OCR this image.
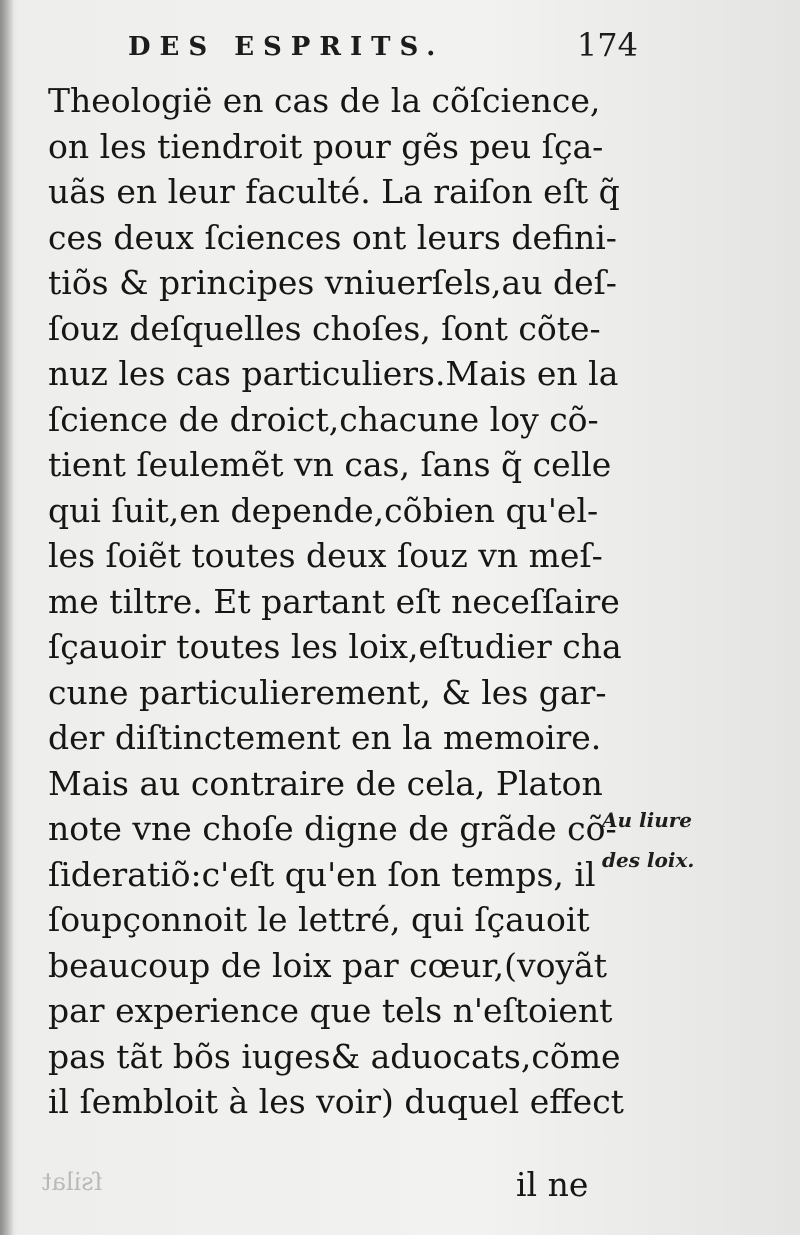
DES ESPRITS.	174
Theologië en cas de la cõſcience,
on les tiendroit pour gẽs peu ſça-
uãs en leur faculté. La raiſon eſt q̃
ces deux ſciences ont leurs defini-
tiõs & principes vniuerſels,au deſ-
ſouz deſquelles choſes, ſont cõte-
nuz les cas particuliers.Mais en la
ſcience de droict,chacune loy cõ-
tient ſeulemẽt vn cas, ſans q̃ celle
qui ſuit,en depende,cõbien qu'el-
les ſoiẽt toutes deux ſouz vn meſ-
me tiltre. Et partant eſt neceſſaire
ſçauoir toutes les loix,eſtudier cha
cune particulierement, & les gar-
der diſtinctement en la memoire.
Mais au contraire de cela, Platon
note vne choſe digne de grãde cõ-
ſideratiõ:c'eſt qu'en ſon temps, il
ſoupçonnoit le lettré, qui ſçauoit
beaucoup de loix par cœur,(voyãt
par experience que tels n'eſtoient
pas tãt bõs iuges& aduocats,cõme
il ſembloit à les voir) duquel effect
Au liure
des loix.
ſsilat	il ne
